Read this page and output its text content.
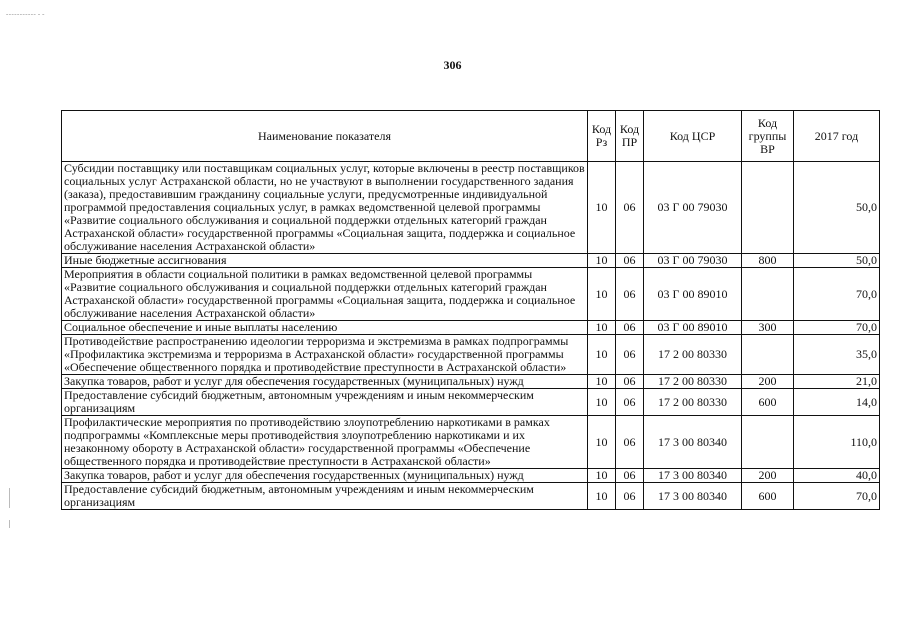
=========== = =
306
Наименование показателя	Код Рз	Код ПР	Код ЦСР	Код группы ВР	2017 год
Субсидии поставщику или поставщикам социальных услуг, которые включены в реестр поставщиков социальных услуг Астраханской области, но не участвуют в выполнении государственного задания (заказа), предоставившим гражданину социальные услуги, предусмотренные индивидуальной программой предоставления социальных услуг, в рамках ведомственной целевой программы «Развитие социального обслуживания и социальной поддержки отдельных категорий граждан Астраханской области» государственной программы «Социальная защита, поддержка и социальное обслуживание населения Астраханской области»	10	06	03 Г 00 79030		50,0
Иные бюджетные ассигнования	10	06	03 Г 00 79030	800	50,0
Мероприятия в области социальной политики в рамках ведомственной целевой программы «Развитие социального обслуживания и социальной поддержки отдельных категорий граждан Астраханской области» государственной программы «Социальная защита, поддержка и социальное обслуживание населения Астраханской области»	10	06	03 Г 00 89010		70,0
Социальное обеспечение и иные выплаты населению	10	06	03 Г 00 89010	300	70,0
Противодействие распространению идеологии терроризма и экстремизма в рамках подпрограммы «Профилактика экстремизма и терроризма в Астраханской области» государственной программы «Обеспечение общественного порядка и противодействие преступности в Астраханской области»	10	06	17 2 00 80330		35,0
Закупка товаров, работ и услуг для обеспечения государственных (муниципальных) нужд	10	06	17 2 00 80330	200	21,0
Предоставление субсидий бюджетным, автономным учреждениям и иным некоммерческим организациям	10	06	17 2 00 80330	600	14,0
Профилактические мероприятия по противодействию злоупотреблению наркотиками в рамках подпрограммы «Комплексные меры противодействия злоупотреблению наркотиками и их незаконному обороту в Астраханской области» государственной программы «Обеспечение общественного порядка и противодействие преступности в Астраханской области»	10	06	17 3 00 80340		110,0
Закупка товаров, работ и услуг для обеспечения государственных (муниципальных) нужд	10	06	17 3 00 80340	200	40,0
Предоставление субсидий бюджетным, автономным учреждениям и иным некоммерческим организациям	10	06	17 3 00 80340	600	70,0
